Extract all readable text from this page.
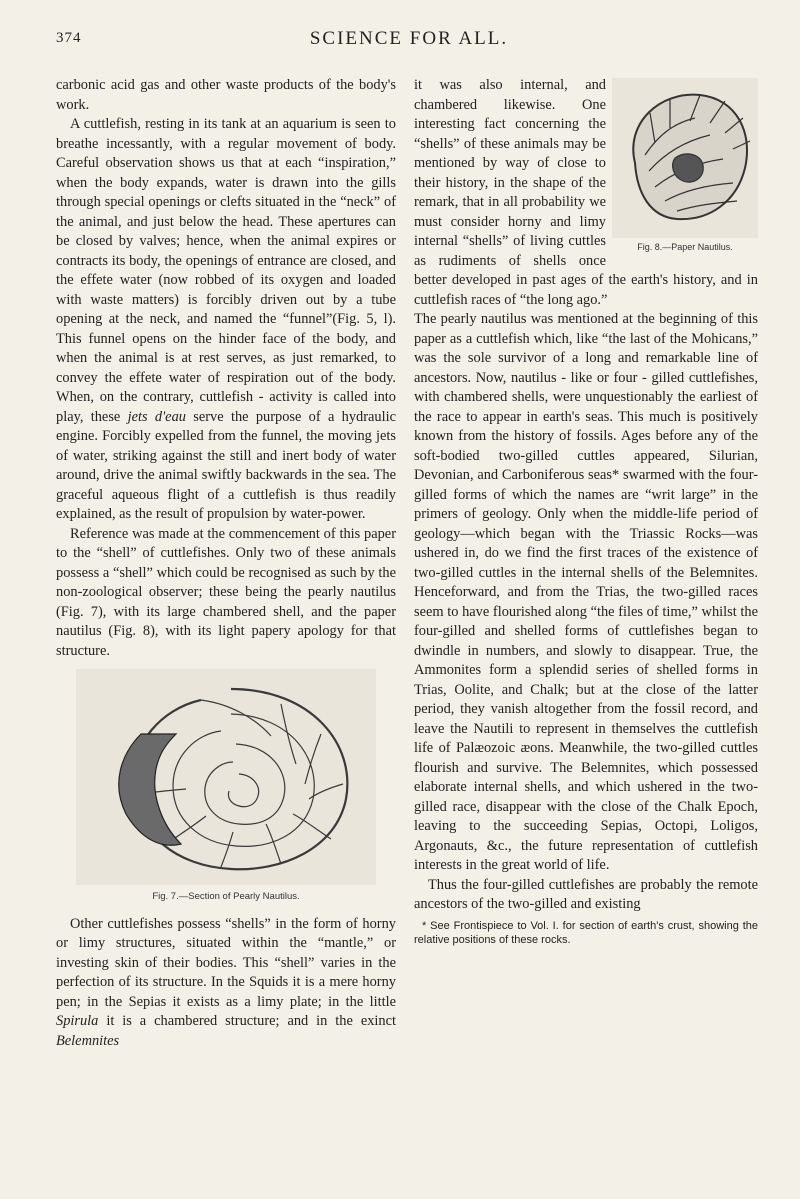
374	SCIENCE FOR ALL.

carbonic acid gas and other waste products of the body's work.

A cuttlefish, resting in its tank at an aquarium is seen to breathe incessantly, with a regular movement of body. Careful observation shows us that at each “inspiration,” when the body expands, water is drawn into the gills through special openings or clefts situated in the “neck” of the animal, and just below the head. These apertures can be closed by valves; hence, when the animal expires or contracts its body, the openings of entrance are closed, and the effete water (now robbed of its oxygen and loaded with waste matters) is forcibly driven out by a tube opening at the neck, and named the “funnel”(Fig. 5, l). This funnel opens on the hinder face of the body, and when the animal is at rest serves, as just remarked, to convey the effete water of respiration out of the body. When, on the contrary, cuttlefish - activity is called into play, these jets d'eau serve the purpose of a hydraulic engine. Forcibly expelled from the funnel, the moving jets of water, striking against the still and inert body of water around, drive the animal swiftly backwards in the sea. The graceful aqueous flight of a cuttlefish is thus readily explained, as the result of propulsion by water-power.

Reference was made at the commencement of this paper to the “shell” of cuttlefishes. Only two of these animals possess a “shell” which could be recognised as such by the non-zoological observer; these being the pearly nautilus (Fig. 7), with its large chambered shell, and the paper nautilus (Fig. 8), with its light papery apology for that structure.

Fig. 7.—Section of Pearly Nautilus.

Other cuttlefishes possess “shells” in the form of horny or limy structures, situated within the “mantle,” or investing skin of their bodies. This “shell” varies in the perfection of its structure. In the Squids it is a mere horny pen; in the Sepias it exists as a limy plate; in the little Spirula it is a chambered structure; and in the exinct Belemnites

Fig. 8.—Paper Nautilus.

it was also internal, and chambered likewise. One interesting fact concerning the “shells” of these animals may be mentioned by way of close to their history, in the shape of the remark, that in all probability we must consider horny and limy internal “shells” of living cuttles as rudiments of shells once better developed in past ages of the earth's history, and in cuttlefish races of “the long ago.”

The pearly nautilus was mentioned at the beginning of this paper as a cuttlefish which, like “the last of the Mohicans,” was the sole survivor of a long and remarkable line of ancestors. Now, nautilus - like or four - gilled cuttlefishes, with chambered shells, were unquestionably the earliest of the race to appear in earth's seas. This much is positively known from the history of fossils. Ages before any of the soft-bodied two-gilled cuttles appeared, Silurian, Devonian, and Carboniferous seas* swarmed with the four-gilled forms of which the names are “writ large” in the primers of geology. Only when the middle-life period of geology—which began with the Triassic Rocks—was ushered in, do we find the first traces of the existence of two-gilled cuttles in the internal shells of the Belemnites. Henceforward, and from the Trias, the two-gilled races seem to have flourished along “the files of time,” whilst the four-gilled and shelled forms of cuttlefishes began to dwindle in numbers, and slowly to disappear. True, the Ammonites form a splendid series of shelled forms in Trias, Oolite, and Chalk; but at the close of the latter period, they vanish altogether from the fossil record, and leave the Nautili to represent in themselves the cuttlefish life of Palæozoic æons. Meanwhile, the two-gilled cuttles flourish and survive. The Belemnites, which possessed elaborate internal shells, and which ushered in the two-gilled race, disappear with the close of the Chalk Epoch, leaving to the succeeding Sepias, Octopi, Loligos, Argonauts, &c., the future representation of cuttlefish interests in the great world of life.

Thus the four-gilled cuttlefishes are probably the remote ancestors of the two-gilled and existing

* See Frontispiece to Vol. I. for section of earth's crust, showing the relative positions of these rocks.
